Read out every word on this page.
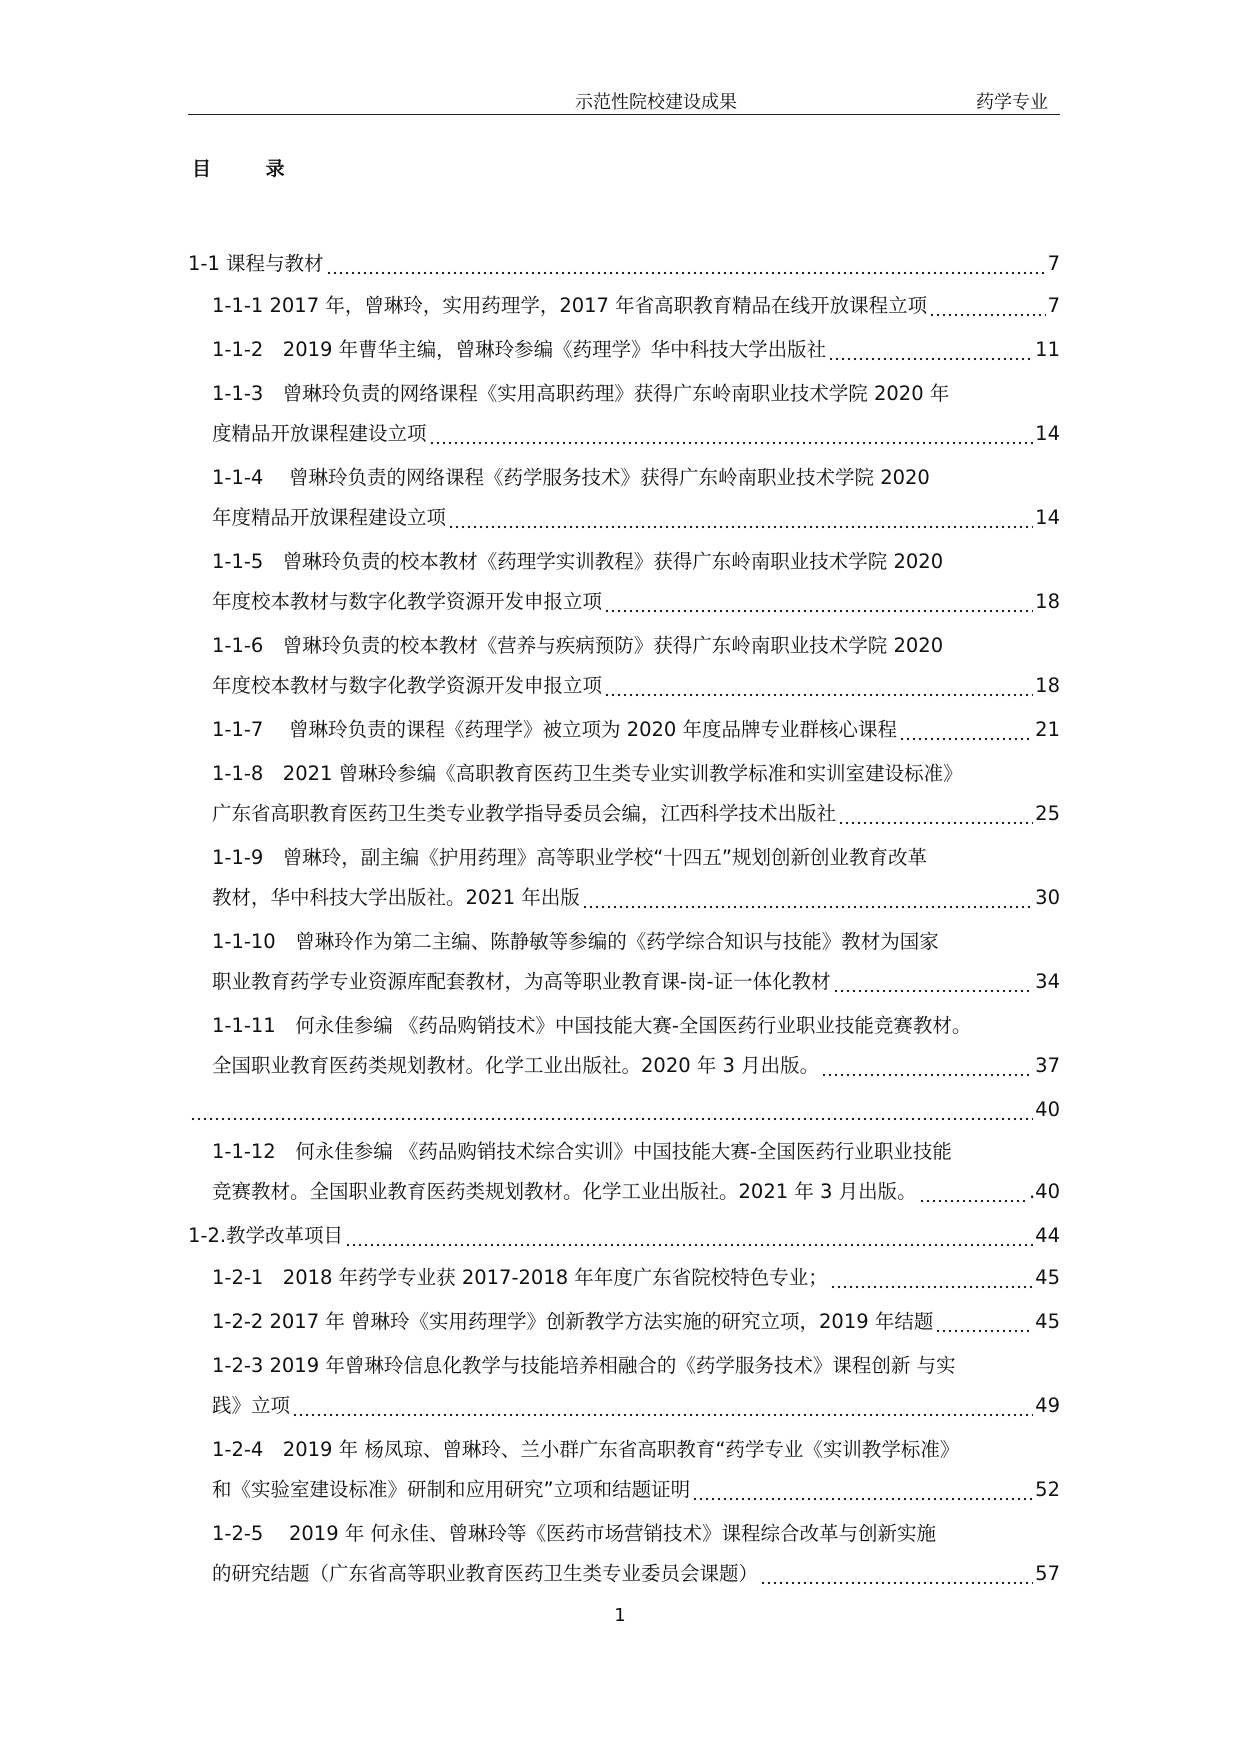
示范性院校建设成果	药学专业
目 录
1-1 课程与教材	7
1-1-1 2017 年，曾琳玲，实用药理学，2017 年省高职教育精品在线开放课程立项	7
1-1-2　2019 年曹华主编，曾琳玲参编《药理学》华中科技大学出版社	11
1-1-3　曾琳玲负责的网络课程《实用高职药理》获得广东岭南职业技术学院 2020 年
度精品开放课程建设立项	14
1-1-4　 曾琳玲负责的网络课程《药学服务技术》获得广东岭南职业技术学院 2020
年度精品开放课程建设立项	14
1-1-5　曾琳玲负责的校本教材《药理学实训教程》获得广东岭南职业技术学院 2020
年度校本教材与数字化教学资源开发申报立项	18
1-1-6　曾琳玲负责的校本教材《营养与疾病预防》获得广东岭南职业技术学院 2020
年度校本教材与数字化教学资源开发申报立项	18
1-1-7　 曾琳玲负责的课程《药理学》被立项为 2020 年度品牌专业群核心课程	21
1-1-8　2021 曾琳玲参编《高职教育医药卫生类专业实训教学标准和实训室建设标准》
广东省高职教育医药卫生类专业教学指导委员会编，江西科学技术出版社	25
1-1-9　曾琳玲，副主编《护用药理》高等职业学校“十四五”规划创新创业教育改革
教材，华中科技大学出版社。2021 年出版	30
1-1-10　曾琳玲作为第二主编、陈静敏等参编的《药学综合知识与技能》教材为国家
职业教育药学专业资源库配套教材，为高等职业教育课-岗-证一体化教材	34
1-1-11　何永佳参编 《药品购销技术》中国技能大赛-全国医药行业职业技能竞赛教材。
全国职业教育医药类规划教材。化学工业出版社。2020 年 3 月出版。	37
40
1-1-12　何永佳参编 《药品购销技术综合实训》中国技能大赛-全国医药行业职业技能
竞赛教材。全国职业教育医药类规划教材。化学工业出版社。2021 年 3 月出版。	.40
1-2.教学改革项目	44
1-2-1　2018 年药学专业获 2017-2018 年年度广东省院校特色专业；	45
1-2-2 2017 年 曾琳玲《实用药理学》创新教学方法实施的研究立项，2019 年结题	45
1-2-3 2019 年曾琳玲信息化教学与技能培养相融合的《药学服务技术》课程创新 与实
践》立项	49
1-2-4　2019 年 杨凤琼、曾琳玲、兰小群广东省高职教育“药学专业《实训教学标准》
和《实验室建设标准》研制和应用研究”立项和结题证明	52
1-2-5　 2019 年 何永佳、曾琳玲等《医药市场营销技术》课程综合改革与创新实施
的研究结题（广东省高等职业教育医药卫生类专业委员会课题）	57
1
